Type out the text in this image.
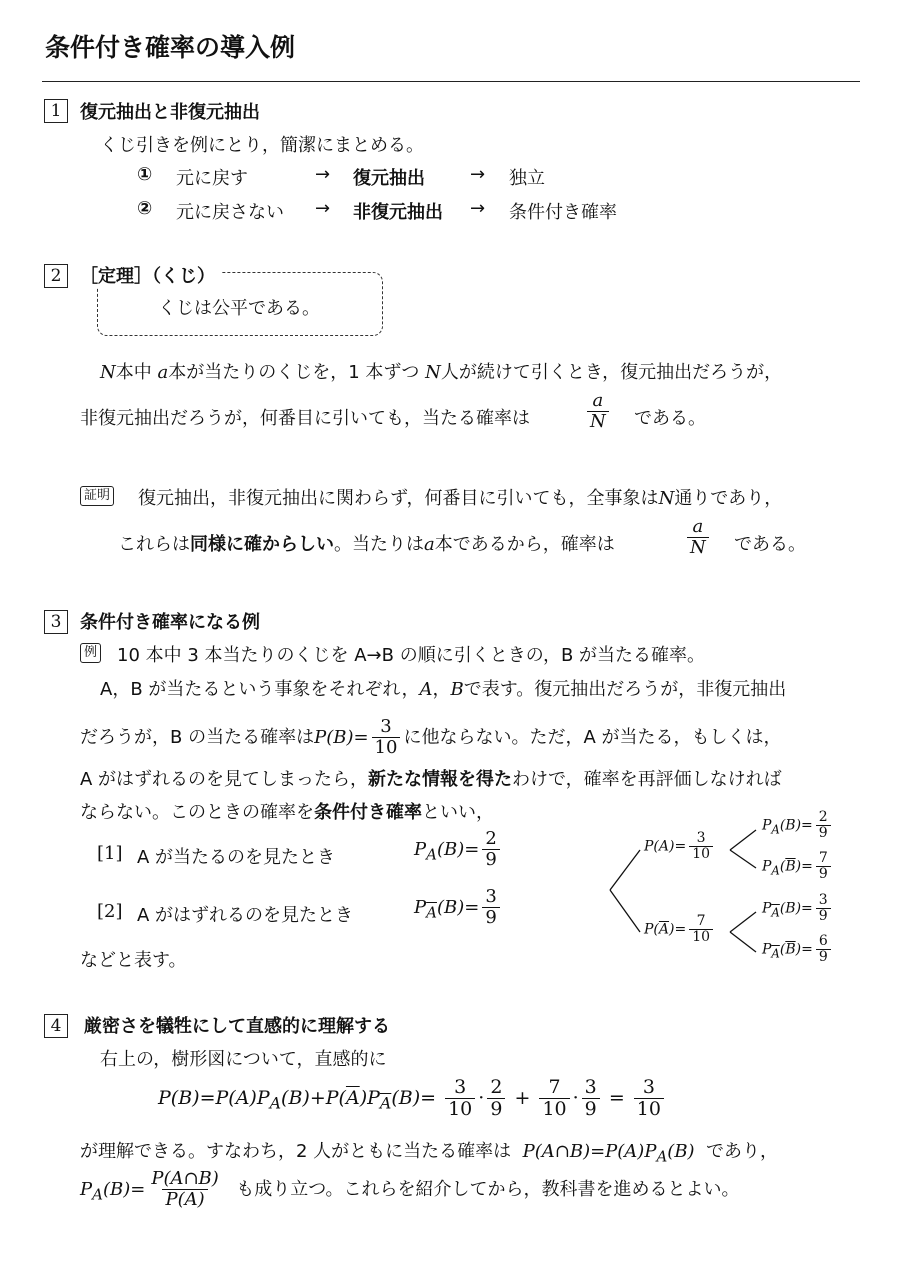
条件付き確率の導入例
1	復元抽出と非復元抽出
くじ引きを例にとり，簡潔にまとめる。
① 元に戻す	→ 復元抽出	→ 独立
② 元に戻さない → 非復元抽出 → 条件付き確率
2	［定理］（くじ）
くじは公平である。
N本中 a本が当たりのくじを，1 本ずつ N人が続けて引くとき，復元抽出だろうが，
非復元抽出だろうが，何番目に引いても，当たる確率は	$\frac{a}{N}$ である。
証明 復元抽出，非復元抽出に関わらず，何番目に引いても，全事象はN通りであり，
これらは同様に確からしい。当たりはa本であるから，確率は	$\frac{a}{N}$ である。
3	条件付き確率になる例
例 10 本中 3 本当たりのくじを A→B の順に引くときの，B が当たる確率。
A，B が当たるという事象をそれぞれ，A，Bで表す。復元抽出だろうが，非復元抽出
だろうが，B の当たる確率は$P(B)= \frac{3}{10}$ に他ならない。ただ，A が当たる，もしくは，
A がはずれるのを見てしまったら，新たな情報を得たわけで，確率を再評価しなければ
ならない。このときの確率を条件付き確率といい，
[1] A が当たるのを見たとき	$P_A(B)= \frac{2}{9}$
[2] A がはずれるのを見たとき	$P_{\overline{A}}(B)= \frac{3}{9}$
などと表す。
$P(A)= \frac{3}{10}$
$P(\overline{A})= \frac{7}{10}$
$P_A(B)= \frac{2}{9}$
$P_A(\overline{B})= \frac{7}{9}$
$P_{\overline{A}}(B)= \frac{3}{9}$
$P_{\overline{A}}(\overline{B})= \frac{6}{9}$
4	厳密さを犠牲にして直感的に理解する
右上の，樹形図について，直感的に
$P(B)=P(A)P_A(B)+P(\overline{A})P_{\overline{A}}(B)= \frac{3}{10} \cdot \frac{2}{9} + \frac{7}{10} \cdot \frac{3}{9} = \frac{3}{10}$
が理解できる。すなわち，2 人がともに当たる確率は $P(A\cap B)=P(A)P_A(B)$ であり，
$P_A(B)= \frac{P(A\cap B)}{P(A)}$ も成り立つ。これらを紹介してから，教科書を進めるとよい。
